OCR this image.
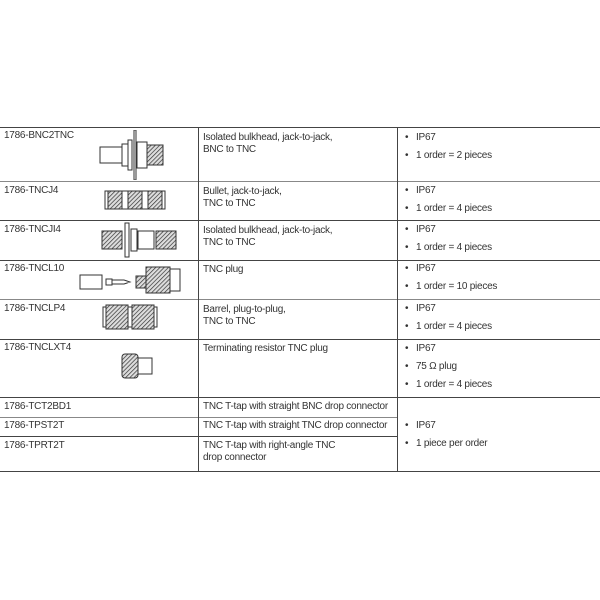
1786-BNC2TNC	Isolated bulkhead, jack-to-jack,
BNC to TNC
• IP67
• 1 order = 2 pieces
1786-TNCJ4	Bullet, jack-to-jack,
TNC to TNC
• IP67
• 1 order = 4 pieces
1786-TNCJI4	Isolated bulkhead, jack-to-jack,
TNC to TNC
• IP67
• 1 order = 4 pieces
1786-TNCL10	TNC plug	• IP67
• 1 order = 10 pieces
1786-TNCLP4	Barrel, plug-to-plug,
TNC to TNC
• IP67
• 1 order = 4 pieces
1786-TNCLXT4	Terminating resistor TNC plug	• IP67
• 75 Ω plug
• 1 order = 4 pieces
1786-TCT2BD1	TNC T-tap with straight BNC drop connector
1786-TPST2T	TNC T-tap with straight TNC drop connector
1786-TPRT2T	TNC T-tap with right-angle TNC
drop connector
• IP67
• 1 piece per order
